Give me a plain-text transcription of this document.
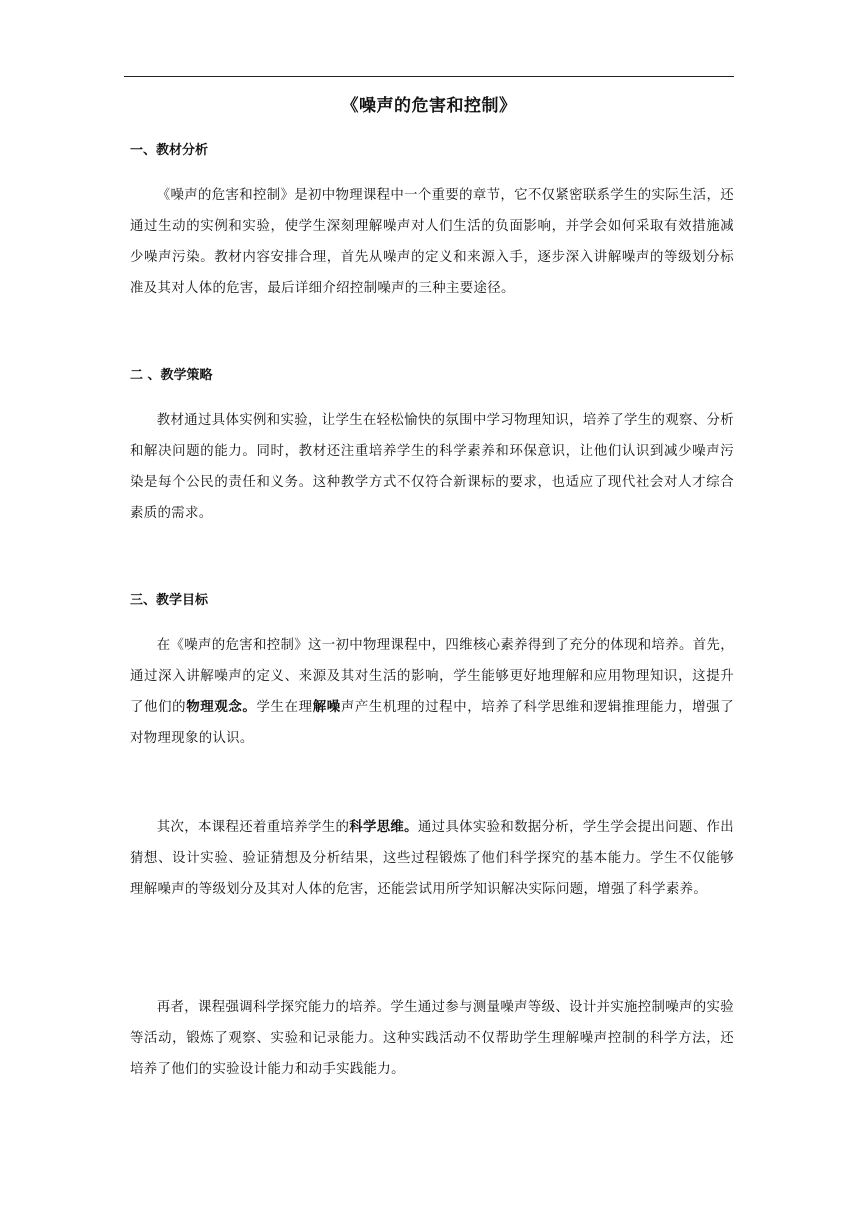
《噪声的危害和控制》
一、教材分析
《噪声的危害和控制》是初中物理课程中一个重要的章节，它不仅紧密联系学生的实际生活，还通过生动的实例和实验，使学生深刻理解噪声对人们生活的负面影响，并学会如何采取有效措施减少噪声污染。教材内容安排合理，首先从噪声的定义和来源入手，逐步深入讲解噪声的等级划分标准及其对人体的危害，最后详细介绍控制噪声的三种主要途径。
二 、教学策略
教材通过具体实例和实验，让学生在轻松愉快的氛围中学习物理知识，培养了学生的观察、分析和解决问题的能力。同时，教材还注重培养学生的科学素养和环保意识，让他们认识到减少噪声污染是每个公民的责任和义务。这种教学方式不仅符合新课标的要求，也适应了现代社会对人才综合素质的需求。
三、教学目标
在《噪声的危害和控制》这一初中物理课程中，四维核心素养得到了充分的体现和培养。首先，通过深入讲解噪声的定义、来源及其对生活的影响，学生能够更好地理解和应用物理知识，这提升了他们的物理观念。学生在理解噪声产生机理的过程中，培养了科学思维和逻辑推理能力，增强了对物理现象的认识。
其次，本课程还着重培养学生的科学思维。通过具体实验和数据分析，学生学会提出问题、作出猜想、设计实验、验证猜想及分析结果，这些过程锻炼了他们科学探究的基本能力。学生不仅能够理解噪声的等级划分及其对人体的危害，还能尝试用所学知识解决实际问题，增强了科学素养。
再者，课程强调科学探究能力的培养。学生通过参与测量噪声等级、设计并实施控制噪声的实验等活动，锻炼了观察、实验和记录能力。这种实践活动不仅帮助学生理解噪声控制的科学方法，还培养了他们的实验设计能力和动手实践能力。
